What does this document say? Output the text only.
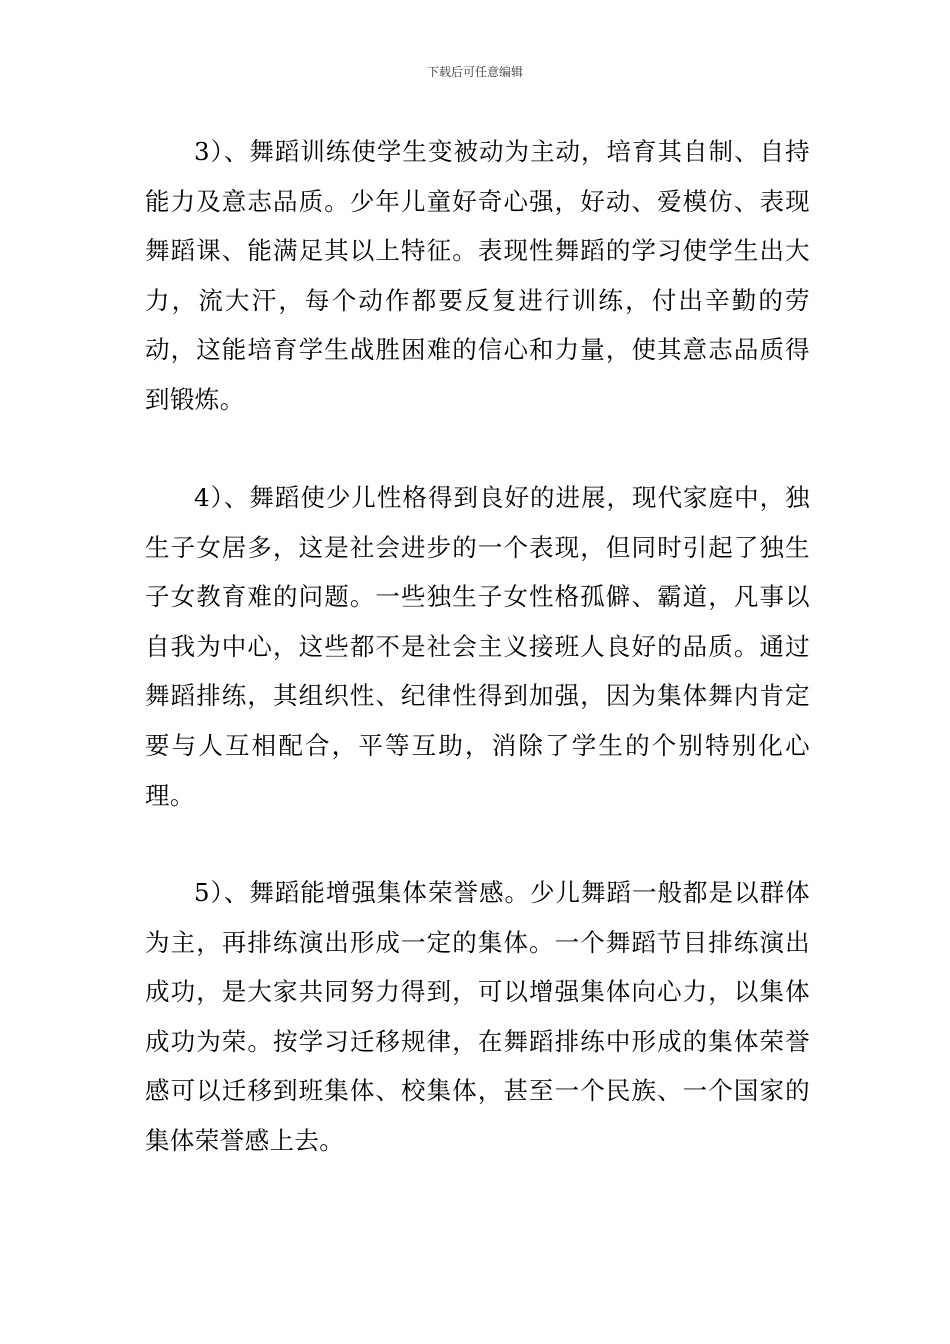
下载后可任意编辑

3）、舞蹈训练使学生变被动为主动，培育其自制、自持能力及意志品质。少年儿童好奇心强，好动、爱模仿、表现舞蹈课、能满足其以上特征。表现性舞蹈的学习使学生出大力，流大汗，每个动作都要反复进行训练，付出辛勤的劳动，这能培育学生战胜困难的信心和力量，使其意志品质得到锻炼。

4）、舞蹈使少儿性格得到良好的进展，现代家庭中，独生子女居多，这是社会进步的一个表现，但同时引起了独生子女教育难的问题。一些独生子女性格孤僻、霸道，凡事以自我为中心，这些都不是社会主义接班人良好的品质。通过舞蹈排练，其组织性、纪律性得到加强，因为集体舞内肯定要与人互相配合，平等互助，消除了学生的个别特别化心理。

5）、舞蹈能增强集体荣誉感。少儿舞蹈一般都是以群体为主，再排练演出形成一定的集体。一个舞蹈节目排练演出成功，是大家共同努力得到，可以增强集体向心力，以集体成功为荣。按学习迁移规律，在舞蹈排练中形成的集体荣誉感可以迁移到班集体、校集体，甚至一个民族、一个国家的集体荣誉感上去。
